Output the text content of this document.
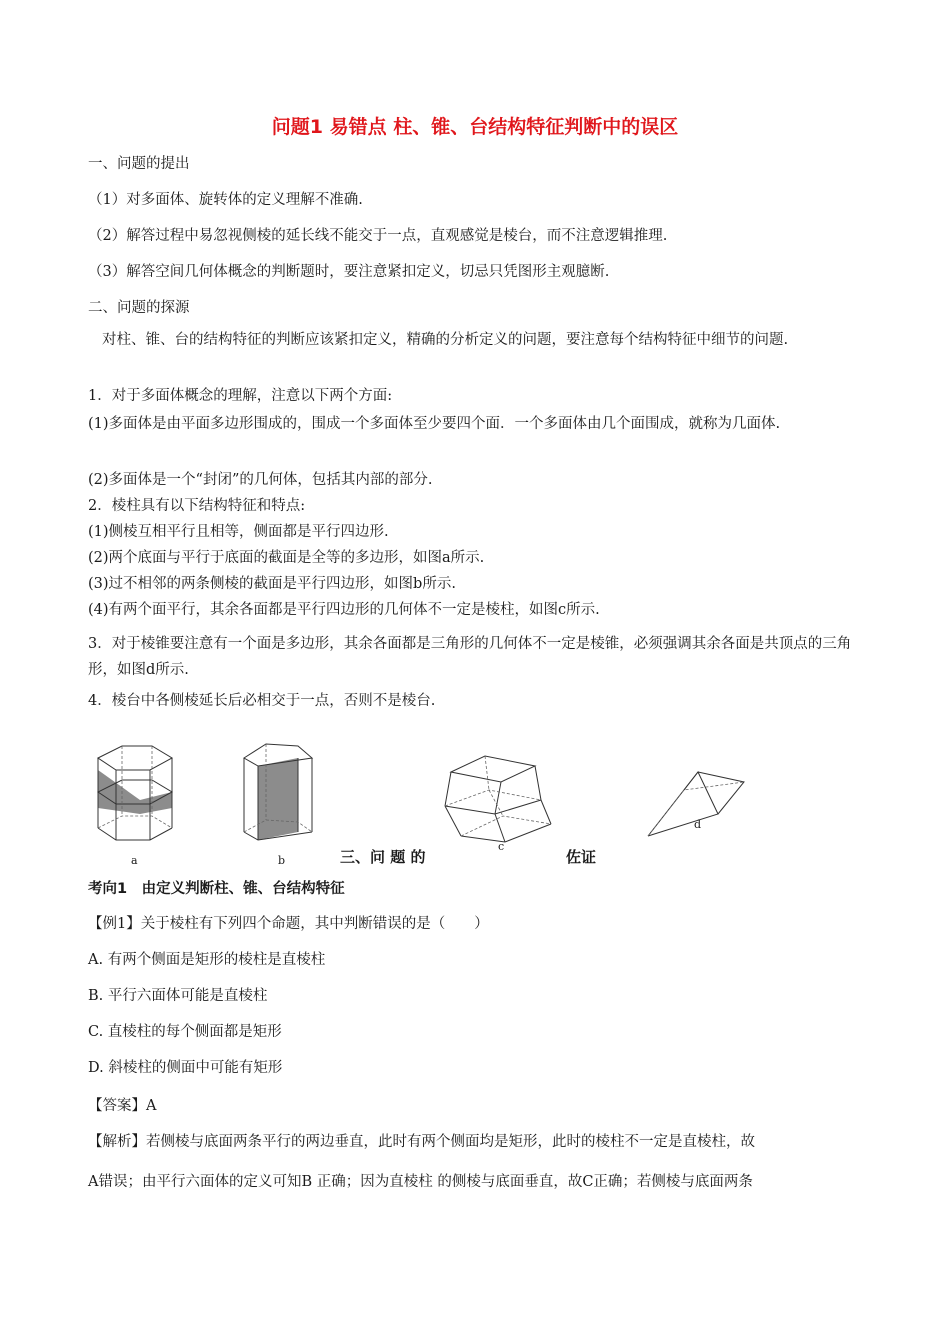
问题1 易错点 柱、锥、台结构特征判断中的误区
一、问题的提出
（1）对多面体、旋转体的定义理解不准确.
（2）解答过程中易忽视侧棱的延长线不能交于一点，直观感觉是棱台，而不注意逻辑推理.
（3）解答空间几何体概念的判断题时，要注意紧扣定义，切忌只凭图形主观臆断.
二、问题的探源
对柱、锥、台的结构特征的判断应该紧扣定义，精确的分析定义的问题，要注意每个结构特征中细节的问题.
1．对于多面体概念的理解，注意以下两个方面:
(1)多面体是由平面多边形围成的，围成一个多面体至少要四个面．一个多面体由几个面围成，就称为几面体.
(2)多面体是一个“封闭”的几何体，包括其内部的部分.
2．棱柱具有以下结构特征和特点:
(1)侧棱互相平行且相等，侧面都是平行四边形.
(2)两个底面与平行于底面的截面是全等的多边形，如图a所示.
(3)过不相邻的两条侧棱的截面是平行四边形，如图b所示.
(4)有两个面平行，其余各面都是平行四边形的几何体不一定是棱柱，如图c所示.
3．对于棱锥要注意有一个面是多边形，其余各面都是三角形的几何体不一定是棱锥，必须强调其余各面是共顶点的三角形，如图d所示.
4．棱台中各侧棱延长后必相交于一点，否则不是棱台.
a	b
c
d
三、问 题 的	佐证
考向1　由定义判断柱、锥、台结构特征
【例1】关于棱柱有下列四个命题，其中判断错误的是（　　）
A. 有两个侧面是矩形的棱柱是直棱柱
B. 平行六面体可能是直棱柱
C. 直棱柱的每个侧面都是矩形
D. 斜棱柱的侧面中可能有矩形
【答案】A
【解析】若侧棱与底面两条平行的两边垂直，此时有两个侧面均是矩形，此时的棱柱不一定是直棱柱，故
A错误；由平行六面体的定义可知B 正确；因为直棱柱 的侧棱与底面垂直，故C正确；若侧棱与底面两条
